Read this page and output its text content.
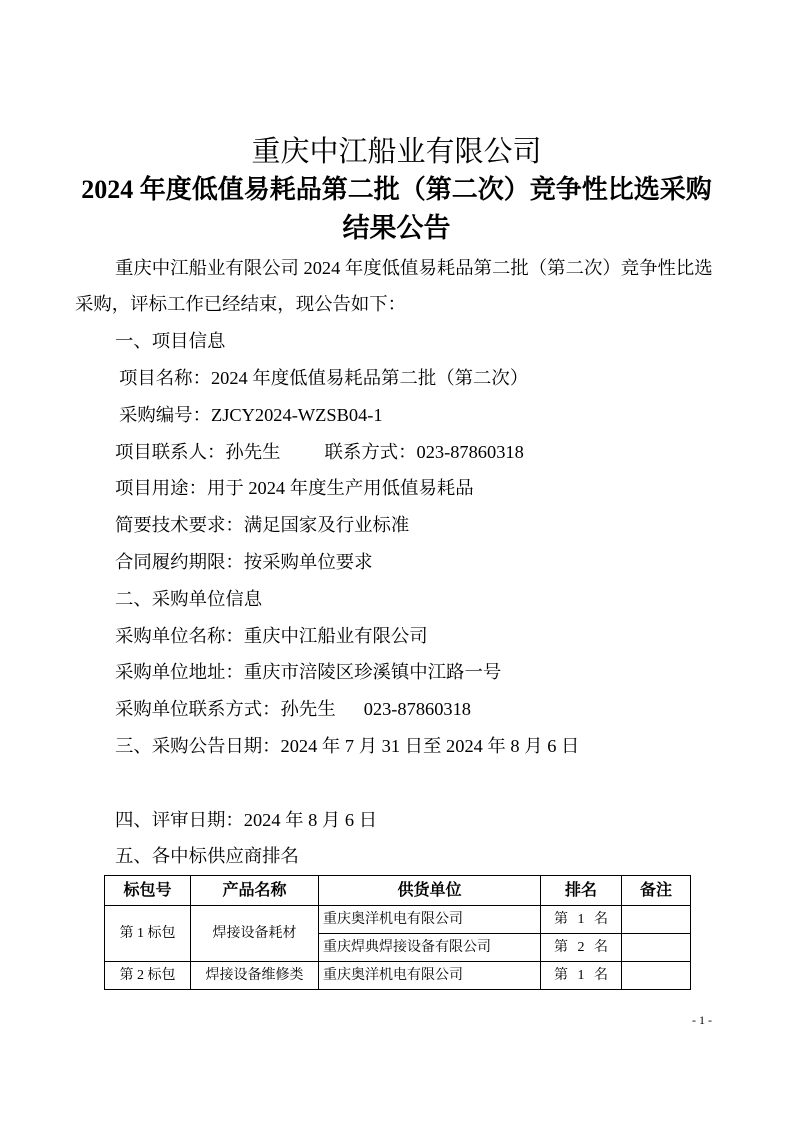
重庆中江船业有限公司
2024 年度低值易耗品第二批（第二次）竞争性比选采购
结果公告

重庆中江船业有限公司 2024 年度低值易耗品第二批（第二次）竞争性比选采购，评标工作已经结束，现公告如下：

一、项目信息
项目名称：2024 年度低值易耗品第二批（第二次）
采购编号：ZJCY2024-WZSB04-1
项目联系人：孙先生 联系方式：023-87860318
项目用途：用于 2024 年度生产用低值易耗品
简要技术要求：满足国家及行业标准
合同履约期限：按采购单位要求
二、采购单位信息
采购单位名称：重庆中江船业有限公司
采购单位地址：重庆市涪陵区珍溪镇中江路一号
采购单位联系方式：孙先生 023-87860318
三、采购公告日期：2024 年 7 月 31 日至 2024 年 8 月 6 日
四、评审日期：2024 年 8 月 6 日
五、各中标供应商排名
标包号	产品名称	供货单位	排名	备注
第 1 标包	焊接设备耗材	重庆奥洋机电有限公司	第 1 名	
		重庆焊典焊接设备有限公司	第 2 名	
第 2 标包	焊接设备维修类	重庆奥洋机电有限公司	第 1 名	
- 1 -
